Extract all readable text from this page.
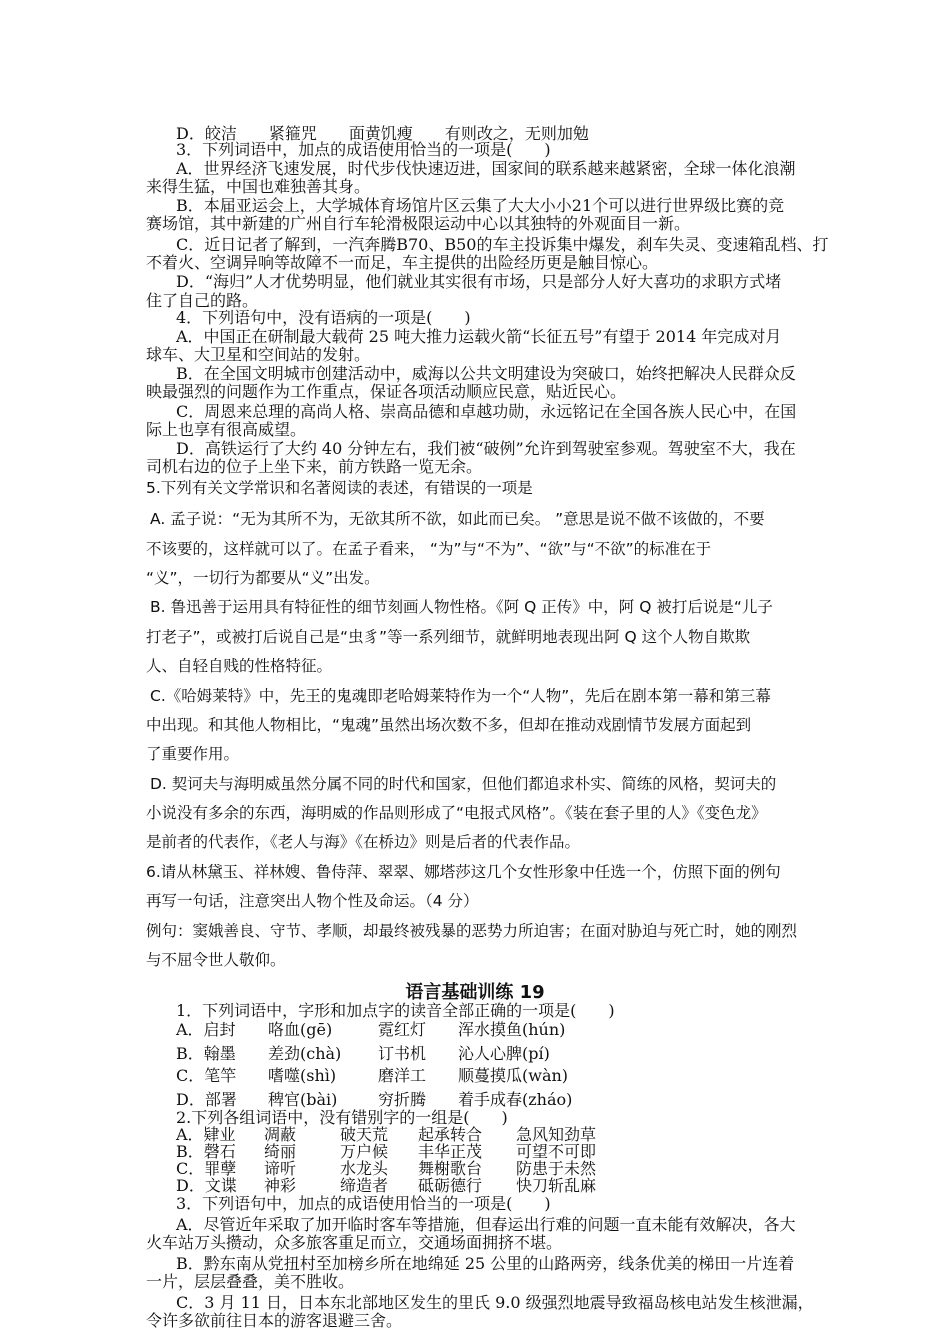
D．皎洁　　紧箍咒　　面黄饥瘦　　有则改之，无则加勉
3．下列词语中，加点的成语使用恰当的一项是(　　)
A．世界经济飞速发展，时代步伐快速迈进，国家间的联系越来越紧密，全球一体化浪潮
来得生猛，中国也难独善其身。
B．本届亚运会上，大学城体育场馆片区云集了大大小小21个可以进行世界级比赛的竞
赛场馆，其中新建的广州自行车轮滑极限运动中心以其独特的外观面目一新。
C．近日记者了解到，一汽奔腾B70、B50的车主投诉集中爆发，刹车失灵、变速箱乱档、打
不着火、空调异响等故障不一而足，车主提供的出险经历更是触目惊心。
D．“海归”人才优势明显，他们就业其实很有市场，只是部分人好大喜功的求职方式堵
住了自己的路。
4．下列语句中，没有语病的一项是(　　)
A．中国正在研制最大载荷 25 吨大推力运载火箭“长征五号”有望于 2014 年完成对月
球车、大卫星和空间站的发射。
B．在全国文明城市创建活动中，威海以公共文明建设为突破口，始终把解决人民群众反
映最强烈的问题作为工作重点，保证各项活动顺应民意，贴近民心。
C．周恩来总理的高尚人格、崇高品德和卓越功勋，永远铭记在全国各族人民心中，在国
际上也享有很高威望。
D．高铁运行了大约 40 分钟左右，我们被“破例”允许到驾驶室参观。驾驶室不大，我在
司机右边的位子上坐下来，前方铁路一览无余。
5.下列有关文学常识和名著阅读的表述，有错误的一项是
A. 孟子说：“无为其所不为，无欲其所不欲，如此而已矣。 ”意思是说不做不该做的，不要
不该要的，这样就可以了。在孟子看来， “为”与“不为”、“欲”与“不欲”的标准在于
“义”，一切行为都要从“义”出发。
B. 鲁迅善于运用具有特征性的细节刻画人物性格。《阿 Q 正传》中，阿 Q 被打后说是“儿子
打老子”，或被打后说自己是“虫豸”等一系列细节，就鲜明地表现出阿 Q 这个人物自欺欺
人、自轻自贱的性格特征。
C.《哈姆莱特》中，先王的鬼魂即老哈姆莱特作为一个“人物”，先后在剧本第一幕和第三幕
中出现。和其他人物相比，“鬼魂”虽然出场次数不多，但却在推动戏剧情节发展方面起到
了重要作用。
D. 契诃夫与海明威虽然分属不同的时代和国家，但他们都追求朴实、简练的风格，契诃夫的
小说没有多余的东西，海明威的作品则形成了“电报式风格”。《装在套子里的人》《变色龙》
是前者的代表作，《老人与海》《在桥边》则是后者的代表作品。
6.请从林黛玉、祥林嫂、鲁侍萍、翠翠、娜塔莎这几个女性形象中任选一个，仿照下面的例句
再写一句话，注意突出人物个性及命运。（4 分）
例句：窦娥善良、守节、孝顺，却最终被残暴的恶势力所迫害；在面对胁迫与死亡时，她的刚烈
与不屈令世人敬仰。
语言基础训练 19
1．下列词语中，字形和加点字的读音全部正确的一项是(　　)
A．启封 咯血(gē)	霓红灯 浑水摸鱼(hún)
B．翰墨 差劲(chà) 订书机 沁人心脾(pí)
C．笔竿 嗜噬(shì)	磨洋工 顺蔓摸瓜(wàn)
D．部署 稗官(bài)	穷折腾 着手成春(zháo)
2.下列各组词语中，没有错别字的一组是(　　)
A．肄业 凋蔽	破天荒 起承转合 急风知劲草
B．磬石 绮丽	万户候 丰华正茂 可望不可即
C．罪孽 谛听	水龙头 舞榭歌台 防患于未然
D．文谍 神彩	缔造者 砥砺德行 快刀斩乱麻
3．下列语句中，加点的成语使用恰当的一项是(　　)
A．尽管近年采取了加开临时客车等措施，但春运出行难的问题一直未能有效解决，各大
火车站万头攒动，众多旅客重足而立，交通场面拥挤不堪。
B．黔东南从党扭村至加榜乡所在地绵延 25 公里的山路两旁，线条优美的梯田一片连着
一片，层层叠叠，美不胜收。
C．3 月 11 日，日本东北部地区发生的里氏 9.0 级强烈地震导致福岛核电站发生核泄漏，
令许多欲前往日本的游客退避三舍。
